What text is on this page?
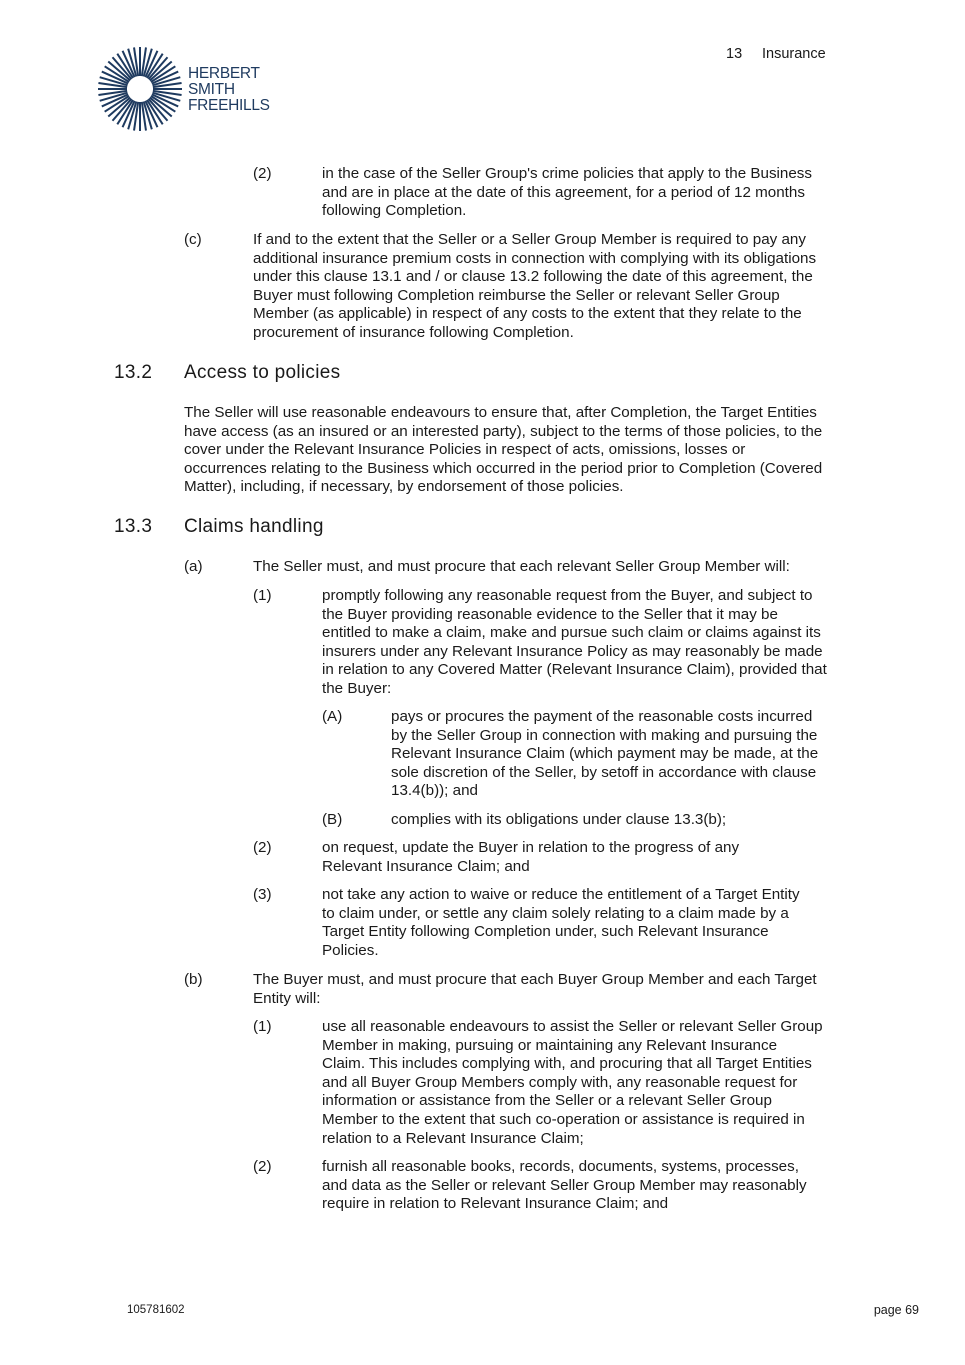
HERBERT
SMITH
FREEHILLS
13 Insurance
(2)	in the case of the Seller Group's crime policies that apply to the Business and are in place at the date of this agreement, for a period of 12 months following Completion.
(c)	If and to the extent that the Seller or a Seller Group Member is required to pay any additional insurance premium costs in connection with complying with its obligations under this clause 13.1 and / or clause 13.2 following the date of this agreement, the Buyer must following Completion reimburse the Seller or relevant Seller Group Member (as applicable) in respect of any costs to the extent that they relate to the procurement of insurance following Completion.
13.2 Access to policies
The Seller will use reasonable endeavours to ensure that, after Completion, the Target Entities have access (as an insured or an interested party), subject to the terms of those policies, to the cover under the Relevant Insurance Policies in respect of acts, omissions, losses or occurrences relating to the Business which occurred in the period prior to Completion (Covered Matter), including, if necessary, by endorsement of those policies.
13.3 Claims handling
(a)	The Seller must, and must procure that each relevant Seller Group Member will:
(1)	promptly following any reasonable request from the Buyer, and subject to the Buyer providing reasonable evidence to the Seller that it may be entitled to make a claim, make and pursue such claim or claims against its insurers under any Relevant Insurance Policy as may reasonably be made in relation to any Covered Matter (Relevant Insurance Claim), provided that the Buyer:
(A)	pays or procures the payment of the reasonable costs incurred by the Seller Group in connection with making and pursuing the Relevant Insurance Claim (which payment may be made, at the sole discretion of the Seller, by setoff in accordance with clause 13.4(b)); and
(B)	complies with its obligations under clause 13.3(b);
(2)	on request, update the Buyer in relation to the progress of any Relevant Insurance Claim; and
(3)	not take any action to waive or reduce the entitlement of a Target Entity to claim under, or settle any claim solely relating to a claim made by a Target Entity following Completion under, such Relevant Insurance Policies.
(b)	The Buyer must, and must procure that each Buyer Group Member and each Target Entity will:
(1)	use all reasonable endeavours to assist the Seller or relevant Seller Group Member in making, pursuing or maintaining any Relevant Insurance Claim. This includes complying with, and procuring that all Target Entities and all Buyer Group Members comply with, any reasonable request for information or assistance from the Seller or a relevant Seller Group Member to the extent that such co-operation or assistance is required in relation to a Relevant Insurance Claim;
(2)	furnish all reasonable books, records, documents, systems, processes, and data as the Seller or relevant Seller Group Member may reasonably require in relation to Relevant Insurance Claim; and
105781602	page 69
